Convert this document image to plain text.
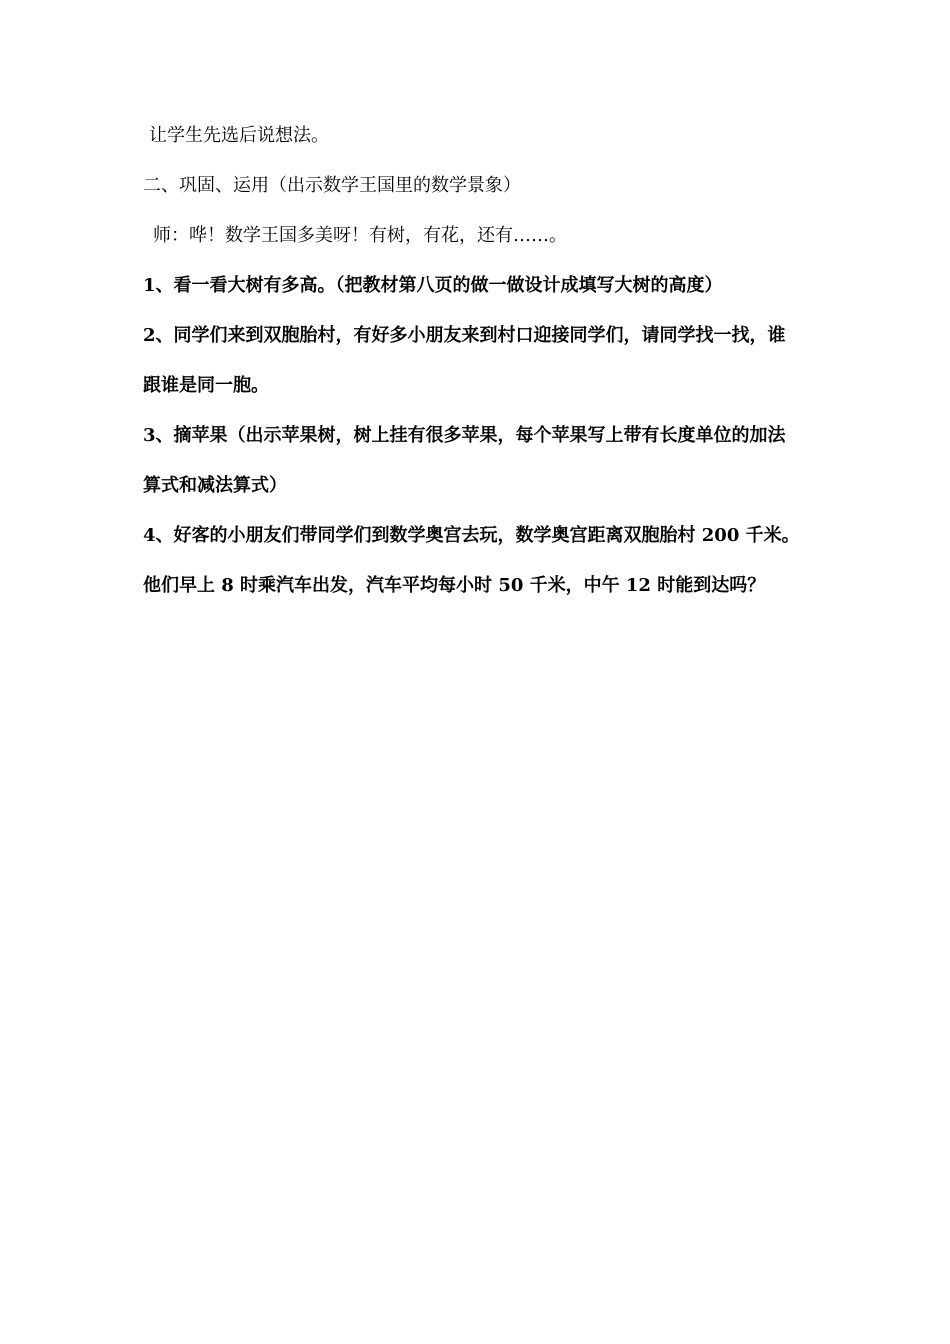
让学生先选后说想法。

二、巩固、运用（出示数学王国里的数学景象）

师：哗！数学王国多美呀！有树，有花，还有……。

1、看一看大树有多高。（把教材第八页的做一做设计成填写大树的高度）

2、同学们来到双胞胎村，有好多小朋友来到村口迎接同学们，请同学找一找，谁

跟谁是同一胞。

3、摘苹果（出示苹果树，树上挂有很多苹果，每个苹果写上带有长度单位的加法

算式和减法算式）

4、好客的小朋友们带同学们到数学奥宫去玩，数学奥宫距离双胞胎村 200 千米。

他们早上 8 时乘汽车出发，汽车平均每小时 50 千米，中午 12 时能到达吗？
